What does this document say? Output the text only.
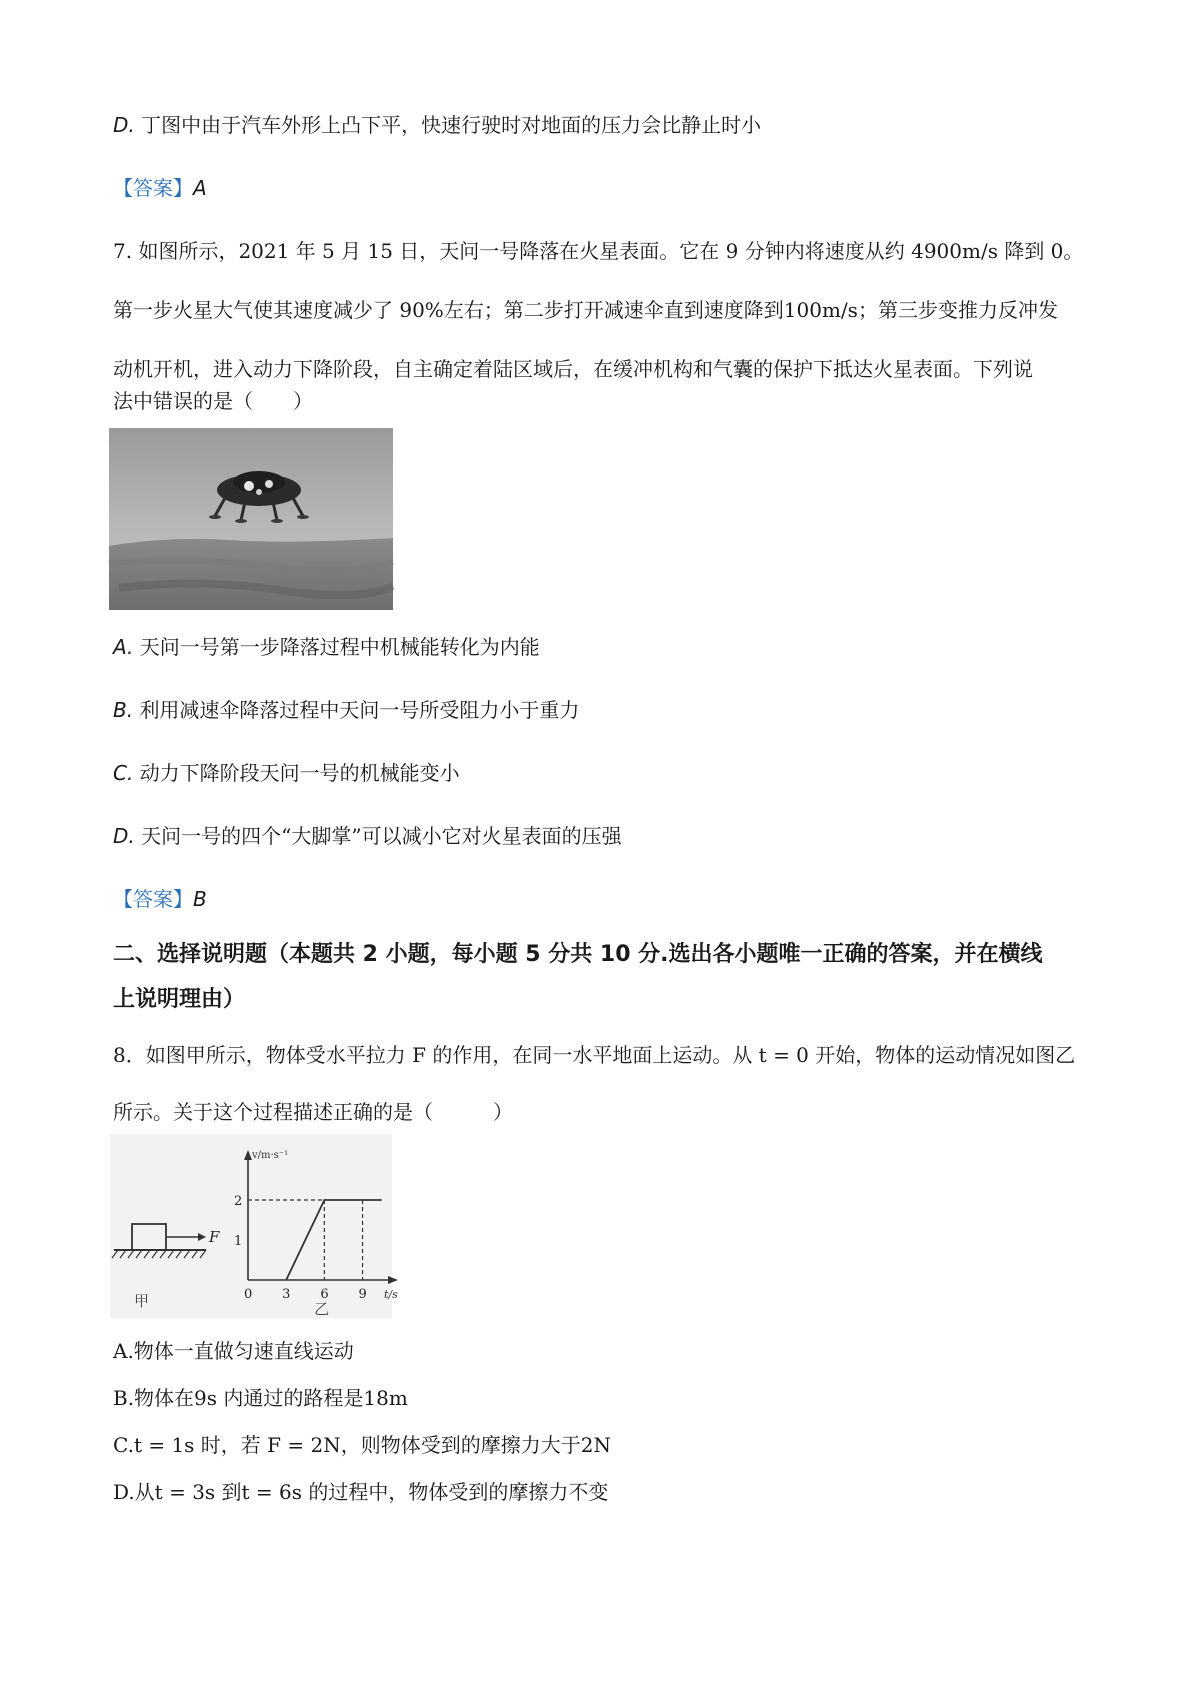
D. 丁图中由于汽车外形上凸下平，快速行驶时对地面的压力会比静止时小
【答案】A
7. 如图所示，2021 年 5 月 15 日，天问一号降落在火星表面。它在 9 分钟内将速度从约 4900m/s 降到 0。
第一步火星大气使其速度减少了 90%左右；第二步打开减速伞直到速度降到100m/s；第三步变推力反冲发
动机开机，进入动力下降阶段，自主确定着陆区域后，在缓冲机构和气囊的保护下抵达火星表面。下列说
法中错误的是（　　）
A. 天问一号第一步降落过程中机械能转化为内能
B. 利用减速伞降落过程中天问一号所受阻力小于重力
C. 动力下降阶段天问一号的机械能变小
D. 天问一号的四个“大脚掌”可以减小它对火星表面的压强
【答案】B
二、选择说明题（本题共 2 小题，每小题 5 分共 10 分.选出各小题唯一正确的答案，并在横线
上说明理由）
8．如图甲所示，物体受水平拉力 F 的作用，在同一水平地面上运动。从 t = 0 开始，物体的运动情况如图乙
所示。关于这个过程描述正确的是（　　　）
F
甲
v/m·s⁻¹
t/s
0 3 6 9
1
2
乙
A.物体一直做匀速直线运动
B.物体在9s 内通过的路程是18m
C.t = 1s 时，若 F = 2N，则物体受到的摩擦力大于2N
D.从t = 3s 到t = 6s 的过程中，物体受到的摩擦力不变
